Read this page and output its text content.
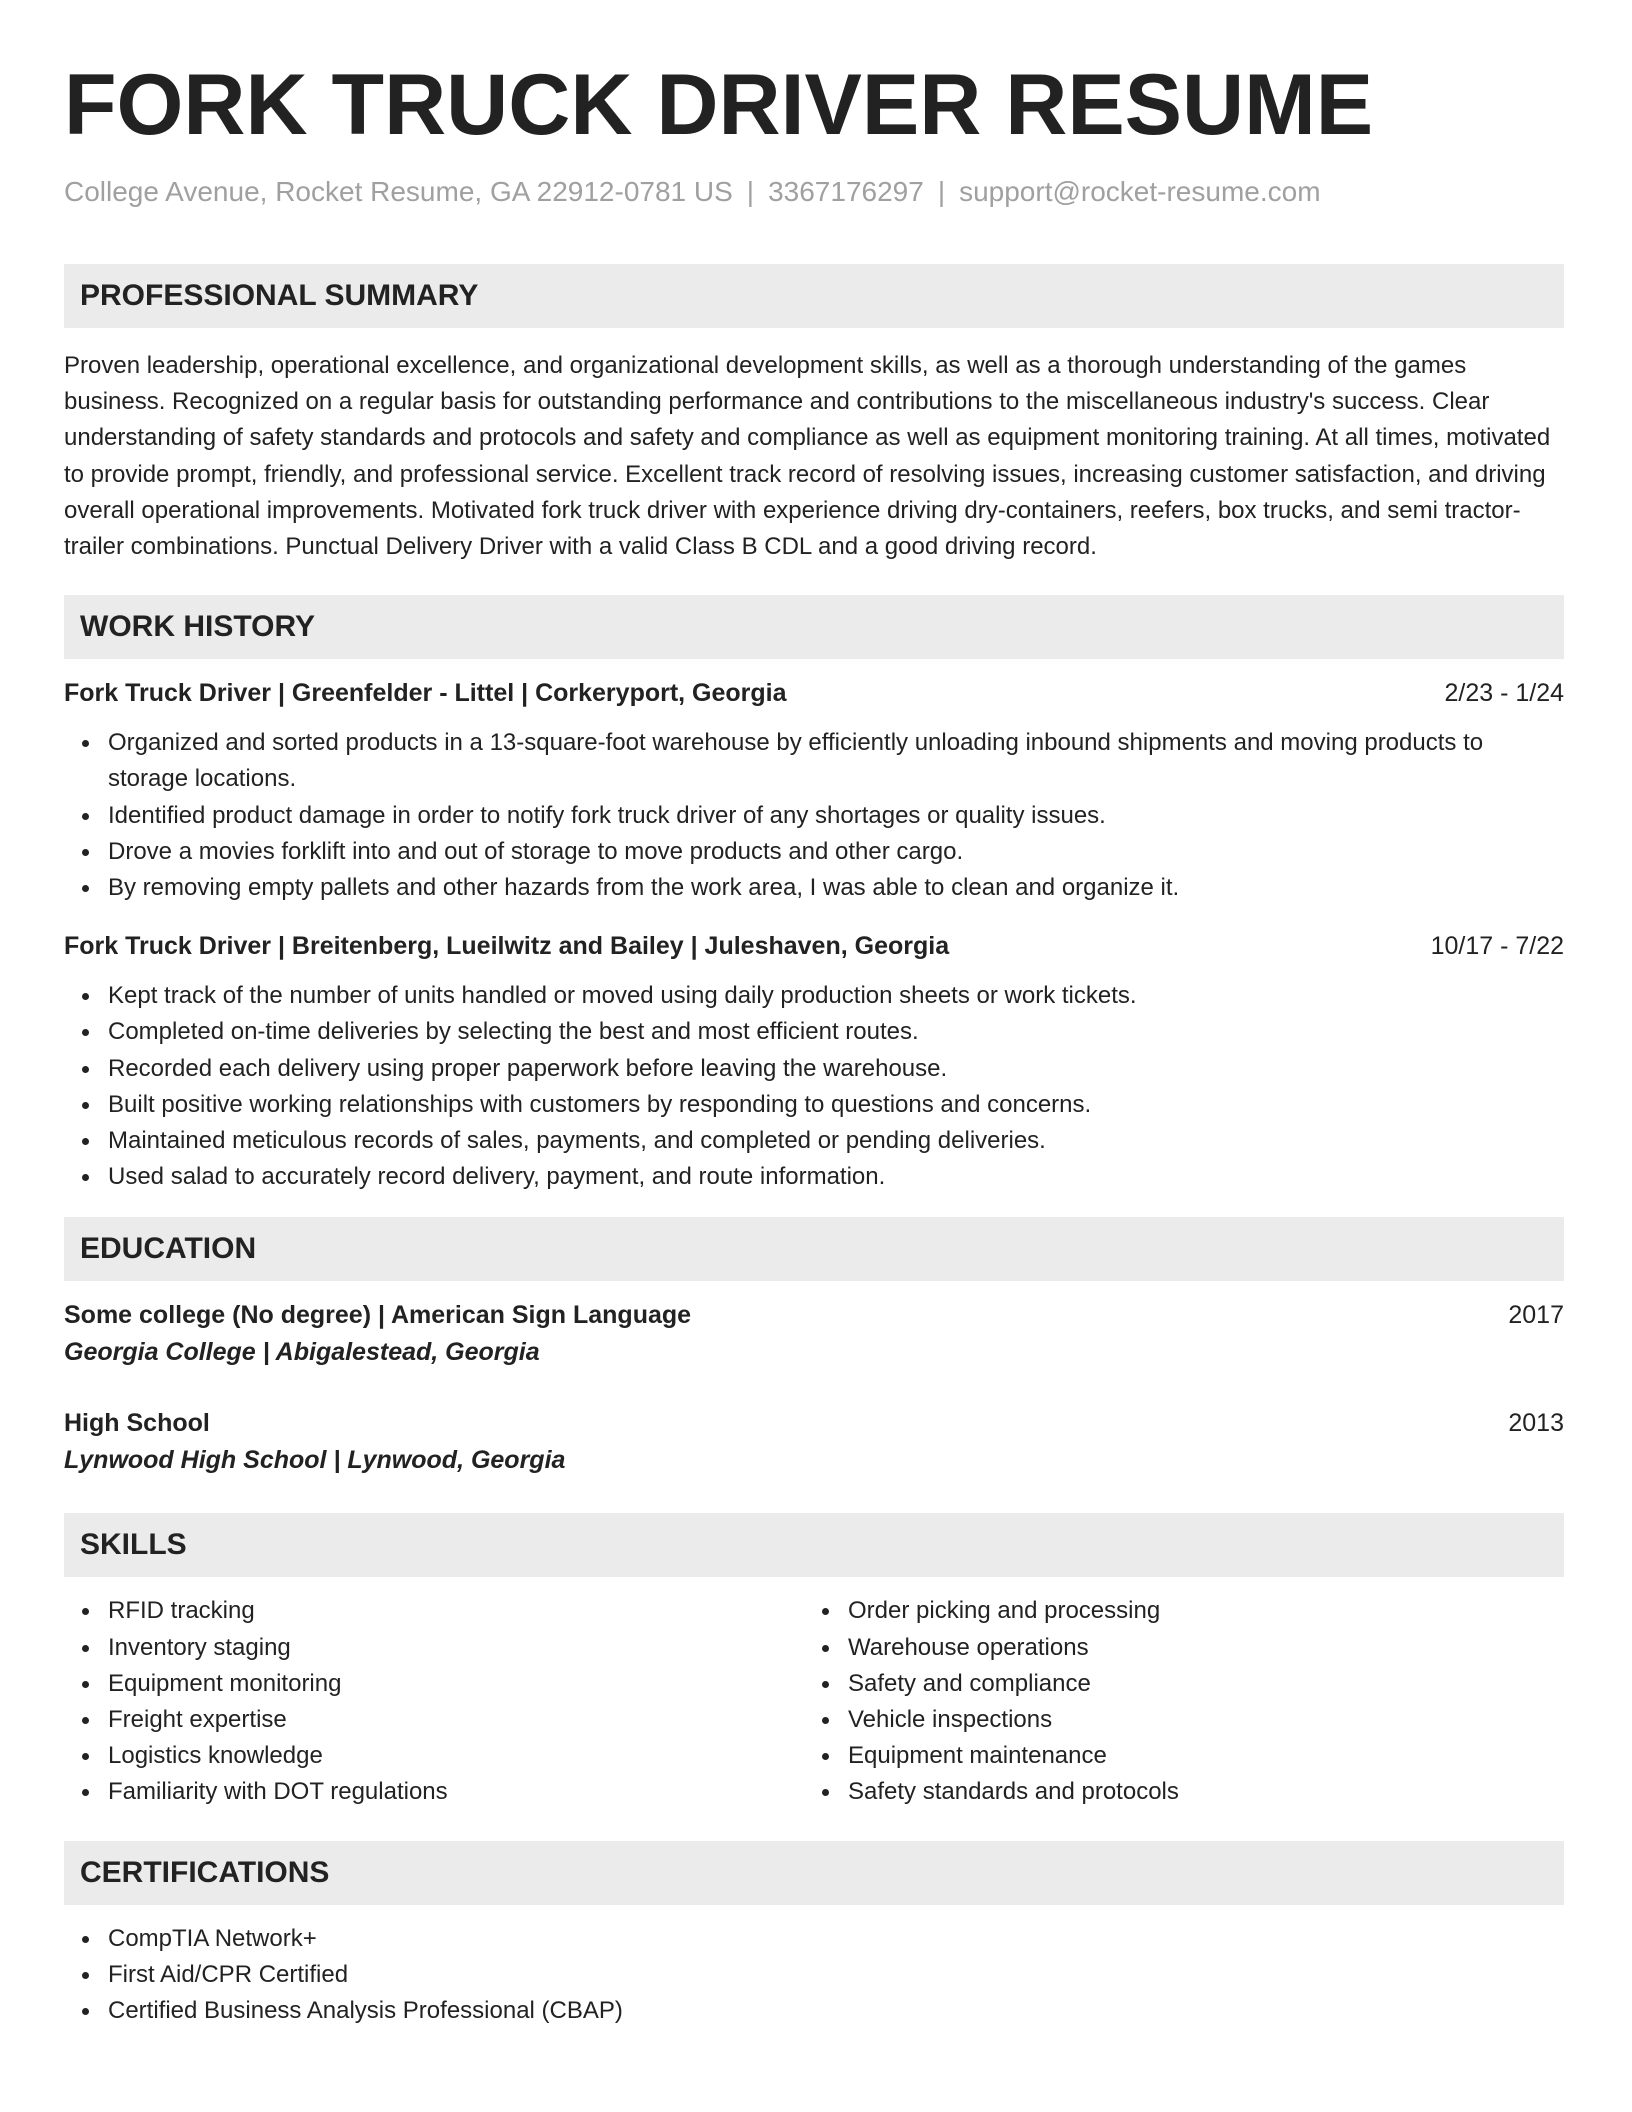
FORK TRUCK DRIVER RESUME
College Avenue, Rocket Resume, GA 22912-0781 US | 3367176297 | support@rocket-resume.com
PROFESSIONAL SUMMARY

Proven leadership, operational excellence, and organizational development skills, as well as a thorough understanding of the games business. Recognized on a regular basis for outstanding performance and contributions to the miscellaneous industry's success. Clear understanding of safety standards and protocols and safety and compliance as well as equipment monitoring training. At all times, motivated to provide prompt, friendly, and professional service. Excellent track record of resolving issues, increasing customer satisfaction, and driving overall operational improvements. Motivated fork truck driver with experience driving dry-containers, reefers, box trucks, and semi tractor-trailer combinations. Punctual Delivery Driver with a valid Class B CDL and a good driving record.

WORK HISTORY
Fork Truck Driver | Greenfelder - Littel | Corkeryport, Georgia	2/23 - 1/24
Organized and sorted products in a 13-square-foot warehouse by efficiently unloading inbound shipments and moving products to storage locations.
Identified product damage in order to notify fork truck driver of any shortages or quality issues.
Drove a movies forklift into and out of storage to move products and other cargo.
By removing empty pallets and other hazards from the work area, I was able to clean and organize it.
Fork Truck Driver | Breitenberg, Lueilwitz and Bailey | Juleshaven, Georgia	10/17 - 7/22
Kept track of the number of units handled or moved using daily production sheets or work tickets.
Completed on-time deliveries by selecting the best and most efficient routes.
Recorded each delivery using proper paperwork before leaving the warehouse.
Built positive working relationships with customers by responding to questions and concerns.
Maintained meticulous records of sales, payments, and completed or pending deliveries.
Used salad to accurately record delivery, payment, and route information.
EDUCATION
Some college (No degree) | American Sign Language	2017
Georgia College | Abigalestead, Georgia
High School	2013
Lynwood High School | Lynwood, Georgia
SKILLS
RFID tracking
Inventory staging
Equipment monitoring
Freight expertise
Logistics knowledge
Familiarity with DOT regulations
Order picking and processing
Warehouse operations
Safety and compliance
Vehicle inspections
Equipment maintenance
Safety standards and protocols
CERTIFICATIONS
CompTIA Network+
First Aid/CPR Certified
Certified Business Analysis Professional (CBAP)
